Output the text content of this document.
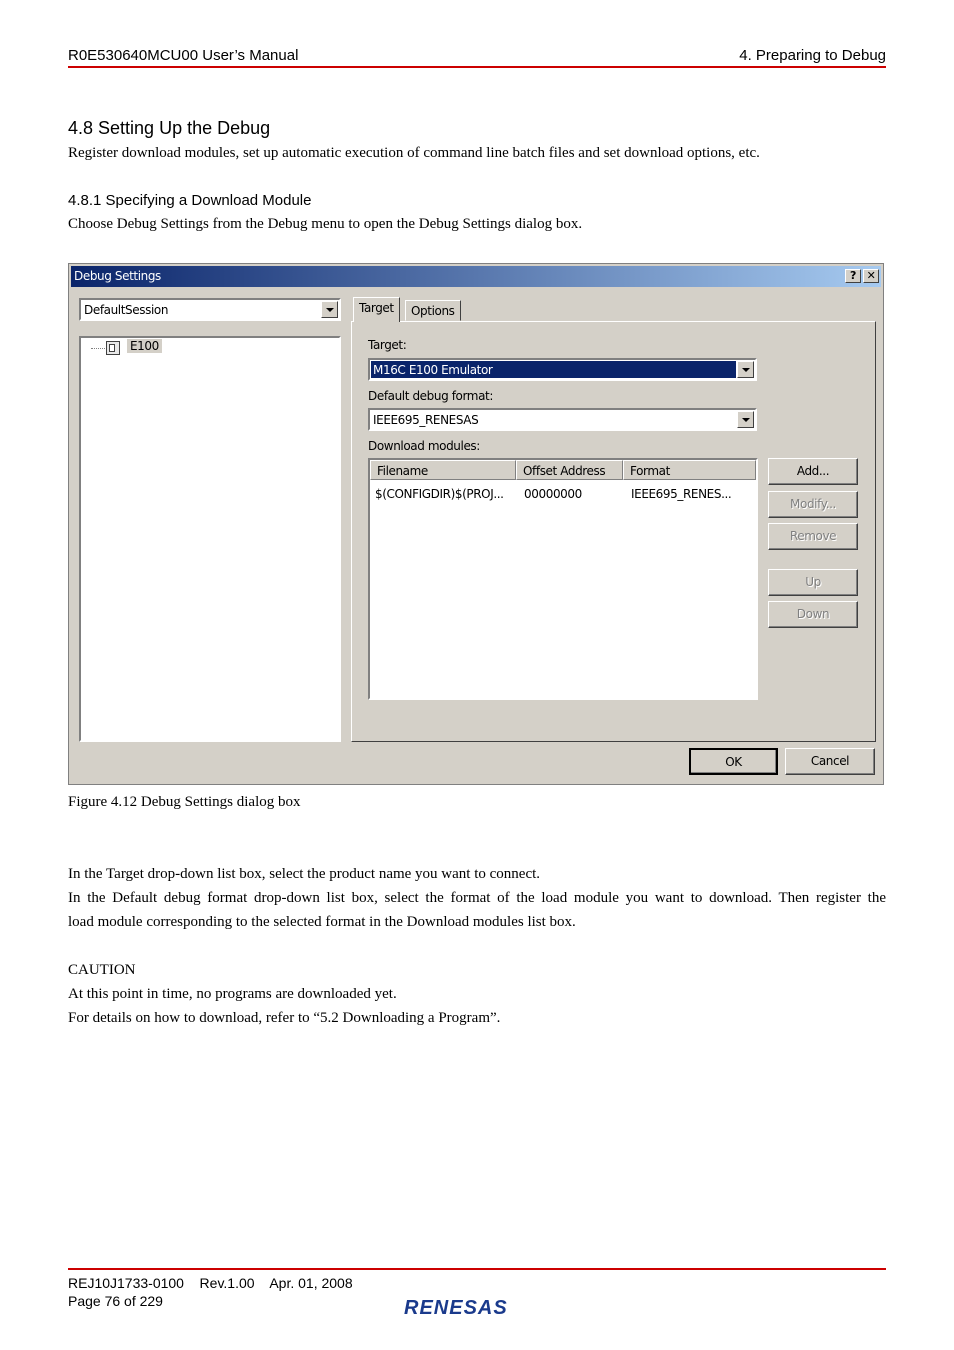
R0E530640MCU00 User’s Manual	4. Preparing to Debug
4.8 Setting Up the Debug
Register download modules, set up automatic execution of command line batch files and set download options, etc.
4.8.1 Specifying a Download Module
Choose Debug Settings from the Debug menu to open the Debug Settings dialog box.
Debug Settings	? ✕
DefaultSession
E100
Target	Options
Target:
M16C E100 Emulator
Default debug format:
IEEE695_RENESAS
Download modules:
Filename	Offset Address	Format
$(CONFIGDIR)$(PROJ... 00000000	IEEE695_RENES...
Add...
Modify...
Remove
Up
Down
OK	Cancel
Figure 4.12 Debug Settings dialog box
In the Target drop-down list box, select the product name you want to connect.
In the Default debug format drop-down list box, select the format of the load module you want to download. Then register the
load module corresponding to the selected format in the Download modules list box.
CAUTION
At this point in time, no programs are downloaded yet.
For details on how to download, refer to “5.2 Downloading a Program”.
REJ10J1733-0100 Rev.1.00 Apr. 01, 2008
Page 76 of 229	RENESAS
